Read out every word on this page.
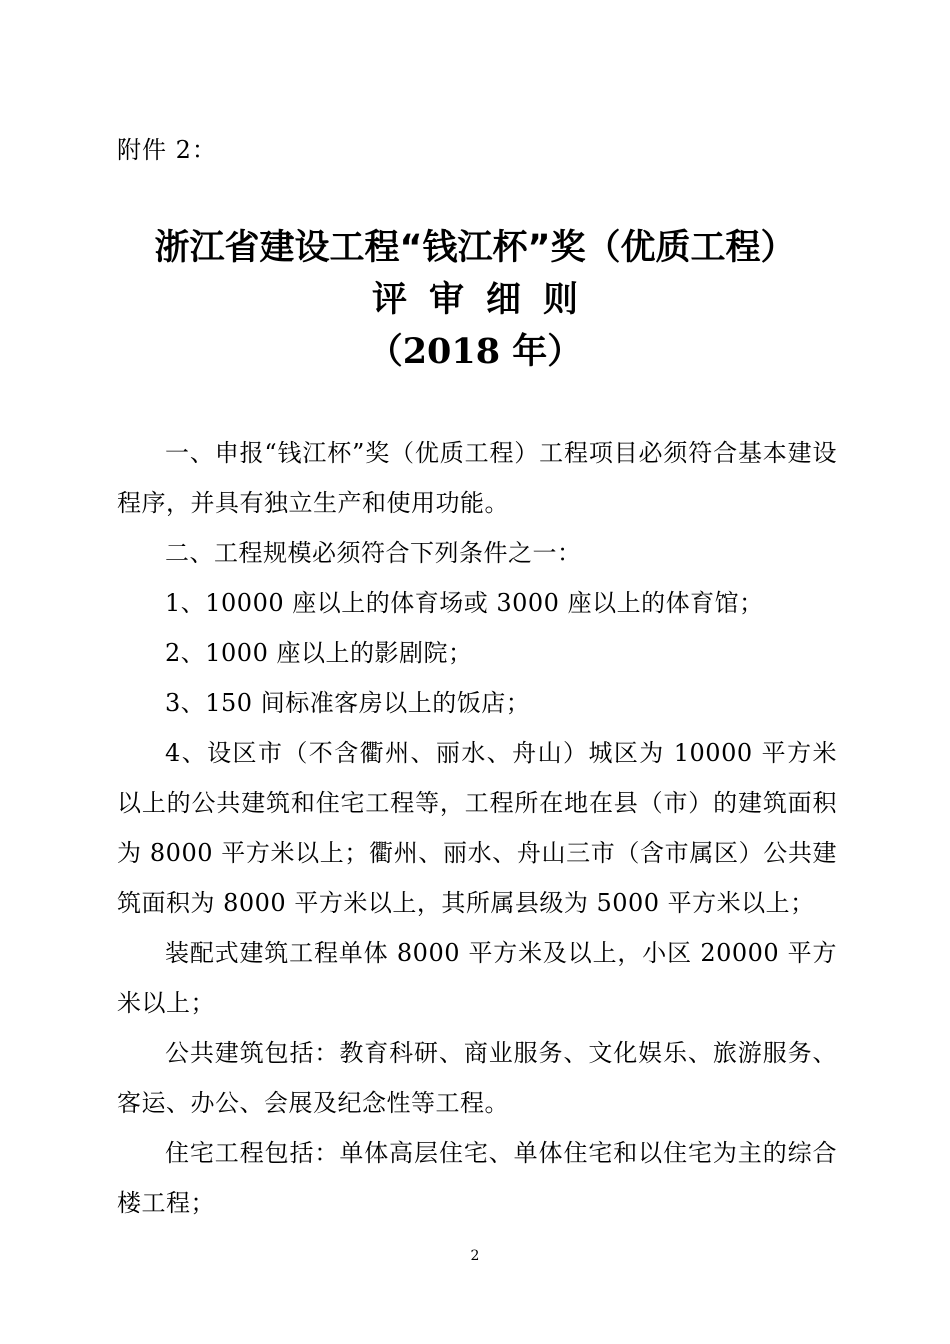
附件 2：
浙江省建设工程“钱江杯”奖（优质工程）
评审细则
（2018 年）

一、申报“钱江杯”奖（优质工程）工程项目必须符合基本建设程序，并具有独立生产和使用功能。

二、工程规模必须符合下列条件之一：

1、10000 座以上的体育场或 3000 座以上的体育馆；

2、1000 座以上的影剧院；

3、150 间标准客房以上的饭店；

4、设区市（不含衢州、丽水、舟山）城区为 10000 平方米以上的公共建筑和住宅工程等，工程所在地在县（市）的建筑面积为 8000 平方米以上；衢州、丽水、舟山三市（含市属区）公共建筑面积为 8000 平方米以上，其所属县级为 5000 平方米以上；

装配式建筑工程单体 8000 平方米及以上，小区 20000 平方米以上；

公共建筑包括：教育科研、商业服务、文化娱乐、旅游服务、客运、办公、会展及纪念性等工程。

住宅工程包括：单体高层住宅、单体住宅和以住宅为主的综合楼工程；

2
